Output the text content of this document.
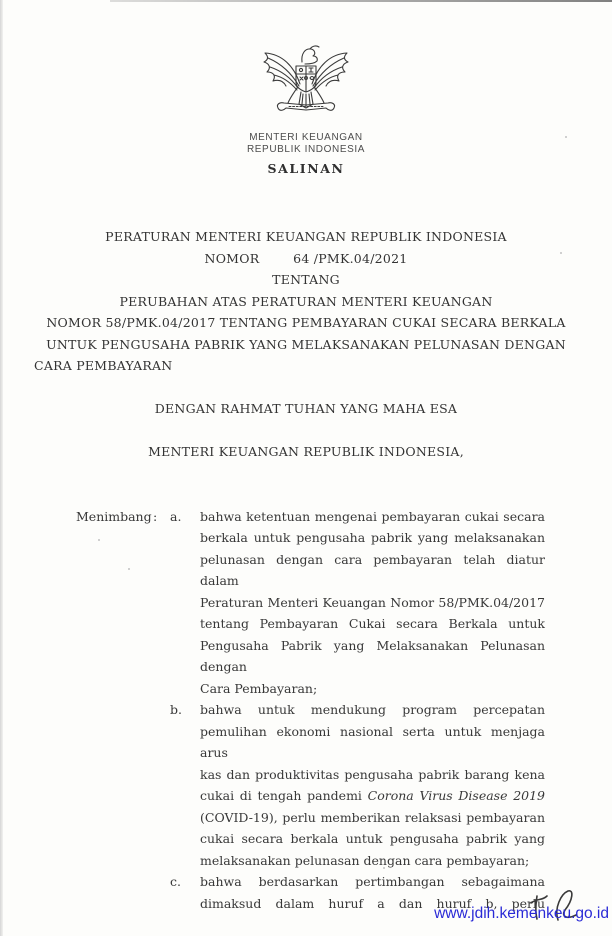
MENTERI KEUANGAN
REPUBLIK INDONESIA
SALINAN
PERATURAN MENTERI KEUANGAN REPUBLIK INDONESIA
NOMOR        64 /PMK.04/2021
TENTANG
PERUBAHAN ATAS PERATURAN MENTERI KEUANGAN
NOMOR 58/PMK.04/2017 TENTANG PEMBAYARAN CUKAI SECARA BERKALA
UNTUK PENGUSAHA PABRIK YANG MELAKSANAKAN PELUNASAN DENGAN
CARA PEMBAYARAN
DENGAN RAHMAT TUHAN YANG MAHA ESA
MENTERI KEUANGAN REPUBLIK INDONESIA,
Menimbang : a.	bahwa ketentuan mengenai pembayaran cukai secara
berkala untuk pengusaha pabrik yang melaksanakan
pelunasan dengan cara pembayaran telah diatur dalam
Peraturan Menteri Keuangan Nomor 58/PMK.04/2017
tentang Pembayaran Cukai secara Berkala untuk
Pengusaha Pabrik yang Melaksanakan Pelunasan dengan
Cara Pembayaran;
b.	bahwa untuk mendukung program percepatan
pemulihan ekonomi nasional serta untuk menjaga arus
kas dan produktivitas pengusaha pabrik barang kena
cukai di tengah pandemi Corona Virus Disease 2019
(COVID-19), perlu memberikan relaksasi pembayaran
cukai secara berkala untuk pengusaha pabrik yang
melaksanakan pelunasan dengan cara pembayaran;
c.	bahwa berdasarkan pertimbangan sebagaimana
dimaksud dalam huruf a dan huruf b, perlu
www.jdih.kemenkeu.go.id
